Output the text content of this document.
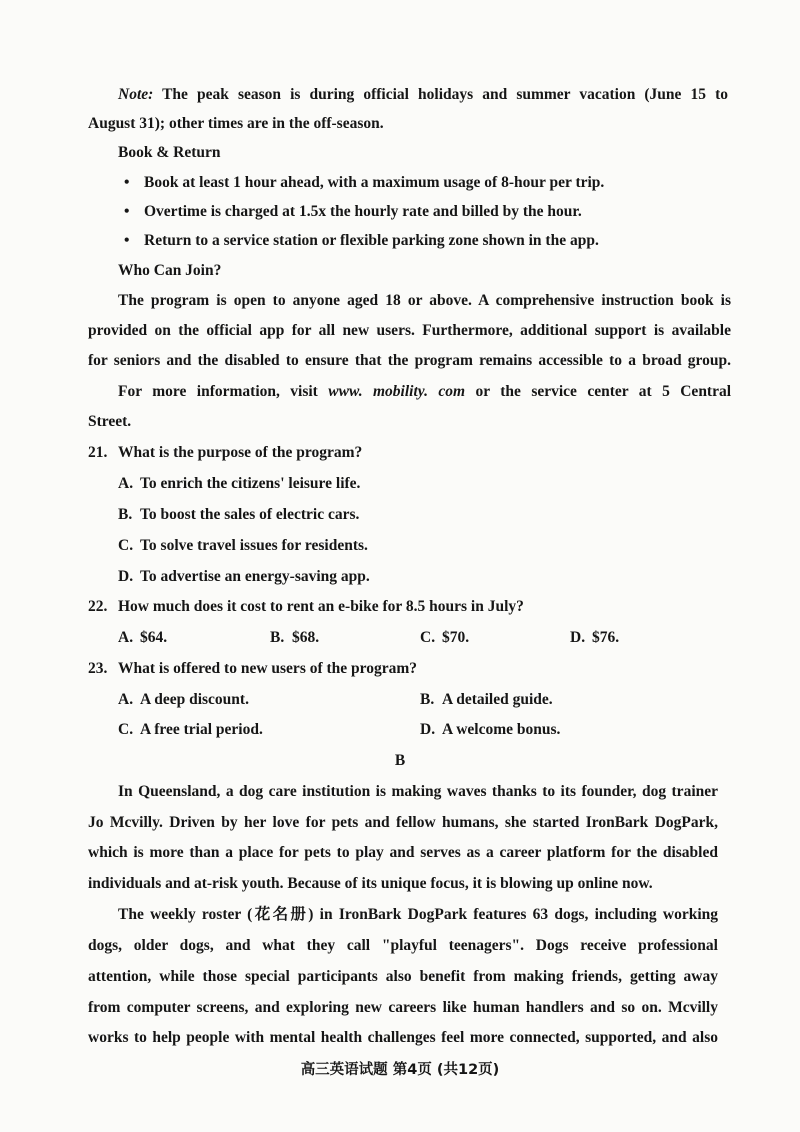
Note: The peak season is during official holidays and summer vacation (June 15 to

August 31); other times are in the off-season.

Book & Return

• Book at least 1 hour ahead, with a maximum usage of 8-hour per trip.

• Overtime is charged at 1.5x the hourly rate and billed by the hour.

• Return to a service station or flexible parking zone shown in the app.

Who Can Join?

The program is open to anyone aged 18 or above. A comprehensive instruction book is

provided on the official app for all new users. Furthermore, additional support is available

for seniors and the disabled to ensure that the program remains accessible to a broad group.

For more information, visit www. mobility. com or the service center at 5 Central

Street.

21. What is the purpose of the program?

A. To enrich the citizens' leisure life.

B. To boost the sales of electric cars.

C. To solve travel issues for residents.

D. To advertise an energy-saving app.

22. How much does it cost to rent an e-bike for 8.5 hours in July?

A. $64.	B. $68.	C. $70.	D. $76.

23. What is offered to new users of the program?

A. A deep discount.	B. A detailed guide.

C. A free trial period.	D. A welcome bonus.

B

In Queensland, a dog care institution is making waves thanks to its founder, dog trainer

Jo Mcvilly. Driven by her love for pets and fellow humans, she started IronBark DogPark,

which is more than a place for pets to play and serves as a career platform for the disabled

individuals and at-risk youth. Because of its unique focus, it is blowing up online now.

The weekly roster (花名册) in IronBark DogPark features 63 dogs, including working

dogs, older dogs, and what they call "playful teenagers". Dogs receive professional

attention, while those special participants also benefit from making friends, getting away

from computer screens, and exploring new careers like human handlers and so on. Mcvilly

works to help people with mental health challenges feel more connected, supported, and also

高三英语试题 第4页 (共12页)
